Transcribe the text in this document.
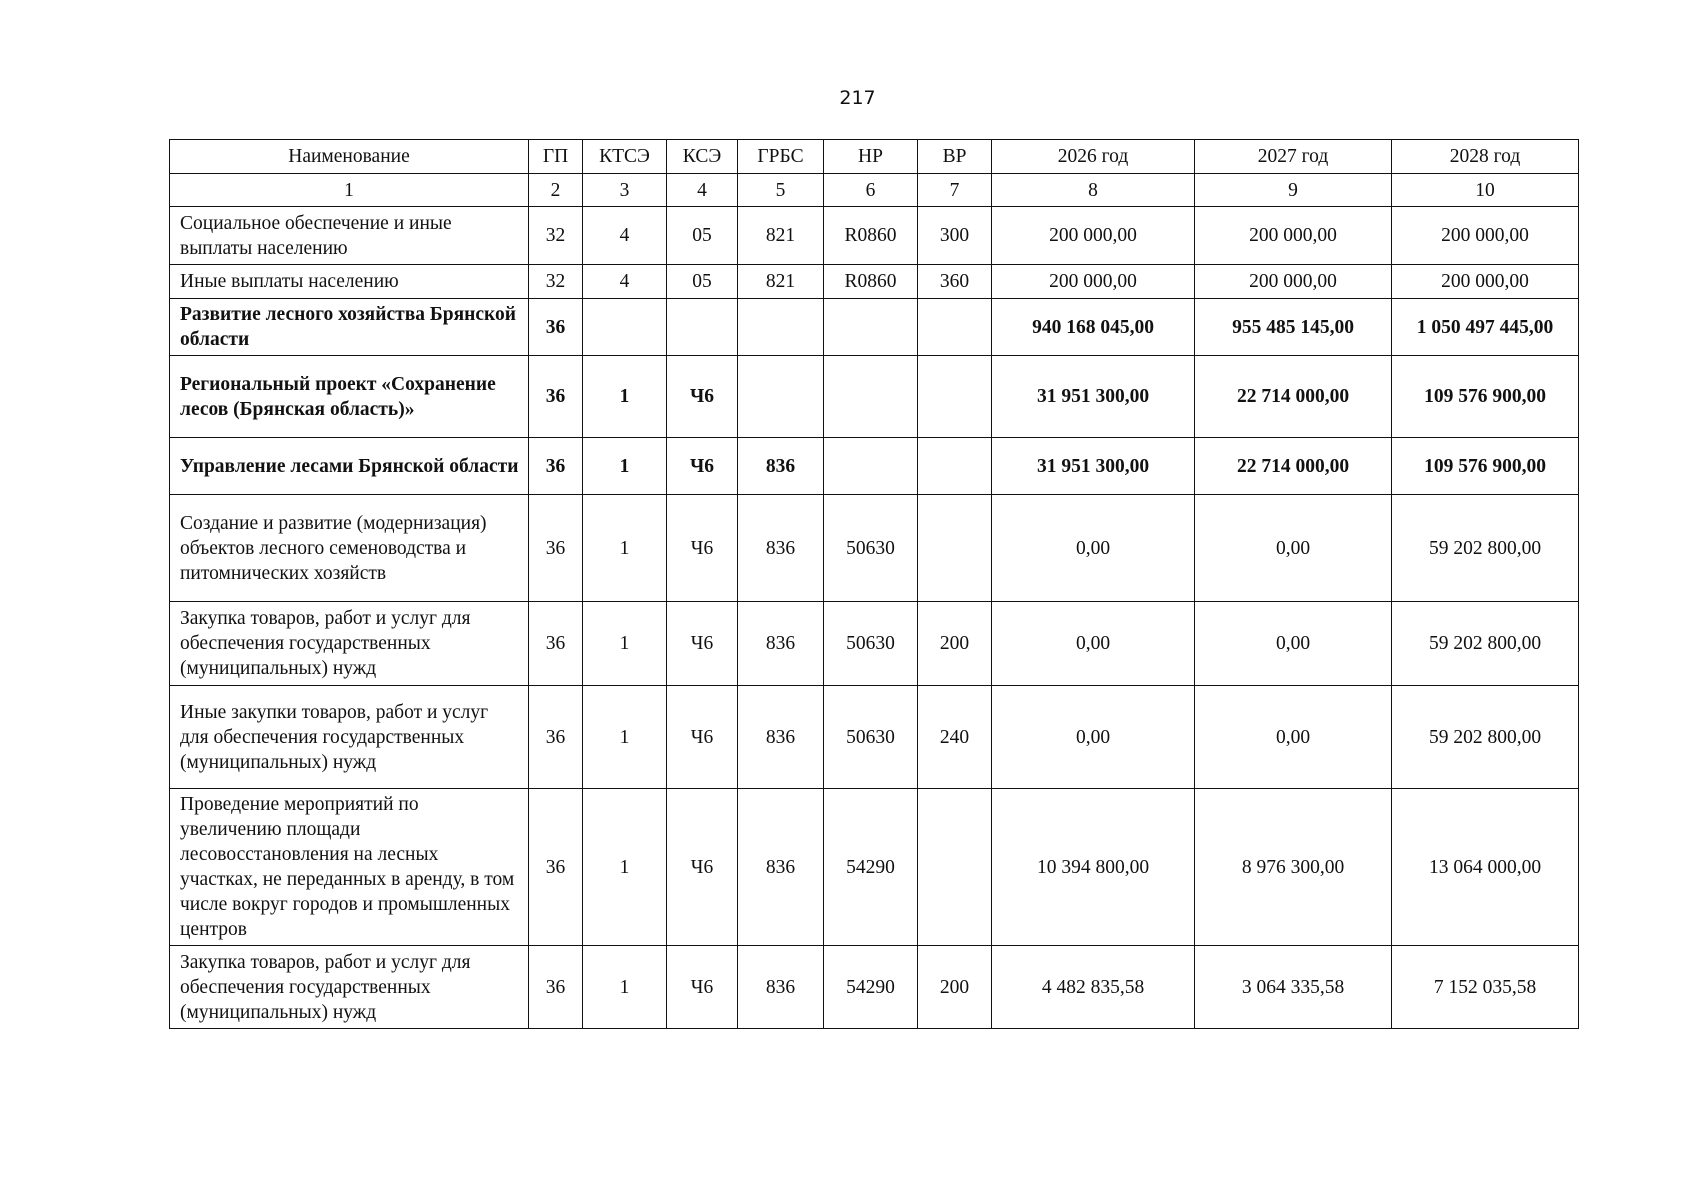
217
Наименование	ГП	КТСЭ	КСЭ	ГРБС	НР	ВР	2026 год	2027 год	2028 год
1	2	3	4	5	6	7	8	9	10
Социальное обеспечение и иные выплаты населению	32	4	05	821	R0860	300	200 000,00	200 000,00	200 000,00
Иные выплаты населению	32	4	05	821	R0860	360	200 000,00	200 000,00	200 000,00
Развитие лесного хозяйства Брянской области	36						940 168 045,00	955 485 145,00	1 050 497 445,00
Региональный проект «Сохранение лесов (Брянская область)»	36	1	Ч6				31 951 300,00	22 714 000,00	109 576 900,00
Управление лесами Брянской области	36	1	Ч6	836			31 951 300,00	22 714 000,00	109 576 900,00
Создание и развитие (модернизация) объектов лесного семеноводства и питомнических хозяйств	36	1	Ч6	836	50630		0,00	0,00	59 202 800,00
Закупка товаров, работ и услуг для обеспечения государственных (муниципальных) нужд	36	1	Ч6	836	50630	200	0,00	0,00	59 202 800,00
Иные закупки товаров, работ и услуг для обеспечения государственных (муниципальных) нужд	36	1	Ч6	836	50630	240	0,00	0,00	59 202 800,00
Проведение мероприятий по увеличению площади лесовосстановления на лесных участках, не переданных в аренду, в том числе вокруг городов и промышленных центров	36	1	Ч6	836	54290		10 394 800,00	8 976 300,00	13 064 000,00
Закупка товаров, работ и услуг для обеспечения государственных (муниципальных) нужд	36	1	Ч6	836	54290	200	4 482 835,58	3 064 335,58	7 152 035,58
